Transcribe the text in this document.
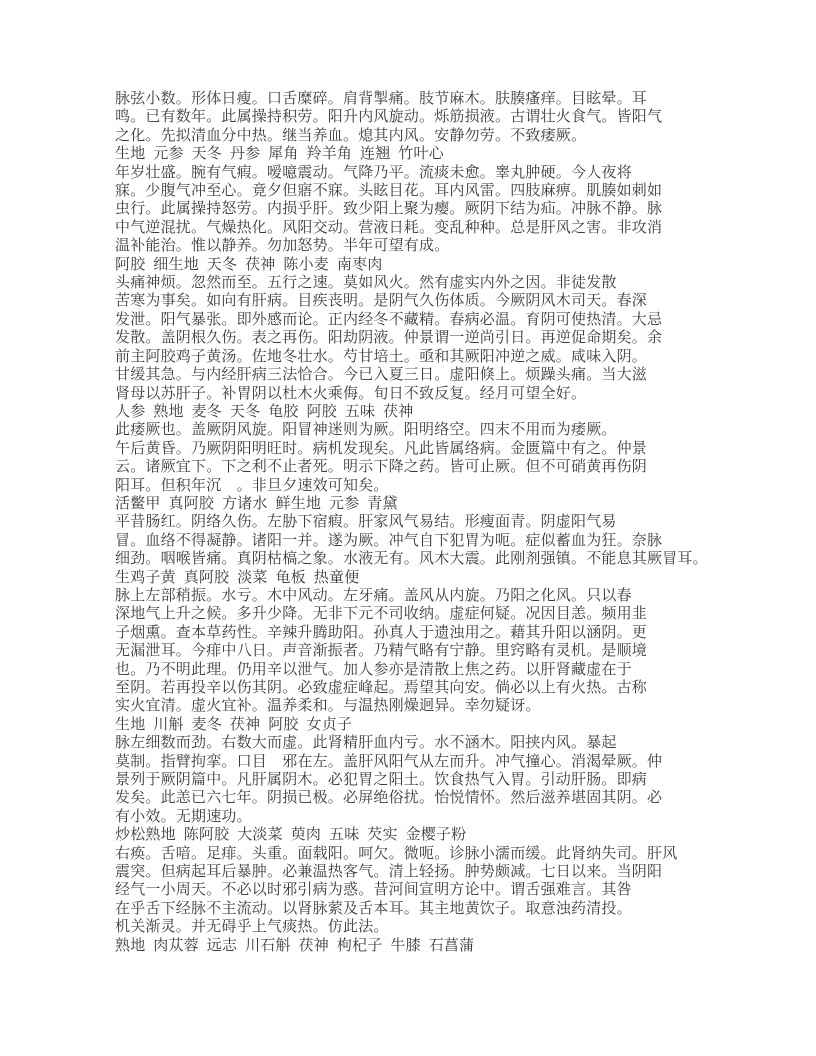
脉弦小数。形体日瘦。口舌糜碎。肩背掣痛。肢节麻木。肤腠瘙痒。目眩晕。耳
鸣。已有数年。此属操持积劳。阳升内风旋动。烁筋损液。古谓壮火食气。皆阳气
之化。先拟清血分中热。继当养血。熄其内风。安静勿劳。不致痿厥。
生地  元参  天冬  丹参  犀角  羚羊角  连翘  竹叶心
年岁壮盛。腕有气瘕。嗳噫震动。气降乃平。流痰未愈。睾丸肿硬。今人夜将
寐。少腹气冲至心。竟夕但寤不寐。头眩目花。耳内风雷。四肢麻痹。肌腠如刺如
虫行。此属操持怒劳。内损乎肝。致少阳上聚为瘿。厥阴下结为疝。冲脉不静。脉
中气逆混扰。气燥热化。风阳交动。营液日耗。变乱种种。总是肝风之害。非攻消
温补能治。惟以静养。勿加怒势。半年可望有成。
阿胶  细生地  天冬  茯神  陈小麦  南枣肉
头痛神烦。忽然而至。五行之速。莫如风火。然有虚实内外之因。非徒发散
苦寒为事矣。如向有肝病。目疾丧明。是阴气久伤体质。今厥阴风木司天。春深
发泄。阳气暴张。即外感而论。正内经冬不藏精。春病必温。育阴可使热清。大忌
发散。盖阴根久伤。表之再伤。阳劫阴液。仲景谓一逆尚引日。再逆促命期矣。余
前主阿胶鸡子黄汤。佐地冬壮水。芍甘培土。亟和其厥阳冲逆之威。咸味入阴。
甘缓其急。与内经肝病三法恰合。今已入夏三日。虚阳倏上。烦躁头痛。当大滋
肾母以苏肝子。补胃阴以杜木火乘侮。旬日不致反复。经月可望全好。
人参  熟地  麦冬  天冬  龟胶  阿胶  五味  茯神
此痿厥也。盖厥阴风旋。阳冒神迷则为厥。阳明络空。四末不用而为痿厥。
午后黄昏。乃厥阴阳明旺时。病机发现矣。凡此皆属络病。金匮篇中有之。仲景
云。诸厥宜下。下之利不止者死。明示下降之药。皆可止厥。但不可硝黄再伤阴
阳耳。但积年沉　。非旦夕速效可知矣。
活鳖甲  真阿胶  方诸水  鲜生地  元参  青黛
平昔肠红。阴络久伤。左胁下宿瘕。肝家风气易结。形瘦面青。阴虚阳气易
冒。血络不得凝静。诸阳一并。遂为厥。冲气自下犯胃为呃。症似蓄血为狂。奈脉
细劲。咽喉皆痛。真阴枯槁之象。水液无有。风木大震。此刚剂强镇。不能息其厥冒耳。
生鸡子黄  真阿胶  淡菜  龟板  热童便
脉上左部稍振。水亏。木中风动。左牙痛。盖风从内旋。乃阳之化风。只以春
深地气上升之候。多升少降。无非下元不司收纳。虚症何疑。况因目恙。频用韭
子烟熏。查本草药性。辛辣升腾助阳。孙真人于遗浊用之。藉其升阳以涵阴。更
无漏泄耳。今痱中八日。声音渐振者。乃精气略有宁静。里窍略有灵机。是顺境
也。乃不明此理。仍用辛以泄气。加人参亦是清散上焦之药。以肝肾藏虚在于
至阴。若再投辛以伤其阴。必致虚症峰起。焉望其向安。倘必以上有火热。古称
实火宜清。虚火宜补。温养柔和。与温热刚燥迥异。幸勿疑讶。
生地  川斛  麦冬  茯神  阿胶  女贞子
脉左细数而劲。右数大而虚。此肾精肝血内亏。水不涵木。阳挟内风。暴起
莫制。指臂拘挛。口目　邪在左。盖肝风阳气从左而升。冲气撞心。消渴晕厥。仲
景列于厥阴篇中。凡肝属阴木。必犯胃之阳土。饮食热气入胃。引动肝肠。即病
发矣。此恙已六七年。阴损已极。必屏绝俗扰。怡悦情怀。然后滋养堪固其阴。必
有小效。无期速功。
炒松熟地  陈阿胶  大淡菜  萸肉  五味  芡实  金樱子粉
右痪。舌喑。足痱。头重。面载阳。呵欠。微呃。诊脉小濡而缓。此肾纳失司。肝风
震突。但病起耳后暴肿。必兼温热客气。清上轻扬。肿势颇减。七日以来。当阴阳
经气一小周天。不必以时邪引病为惑。昔河间宣明方论中。谓舌强难言。其咎
在乎舌下经脉不主流动。以肾脉萦及舌本耳。其主地黄饮子。取意浊药清投。
机关渐灵。并无碍乎上气痰热。仿此法。
熟地  肉苁蓉  远志  川石斛  茯神  枸杞子  牛膝  石菖蒲
